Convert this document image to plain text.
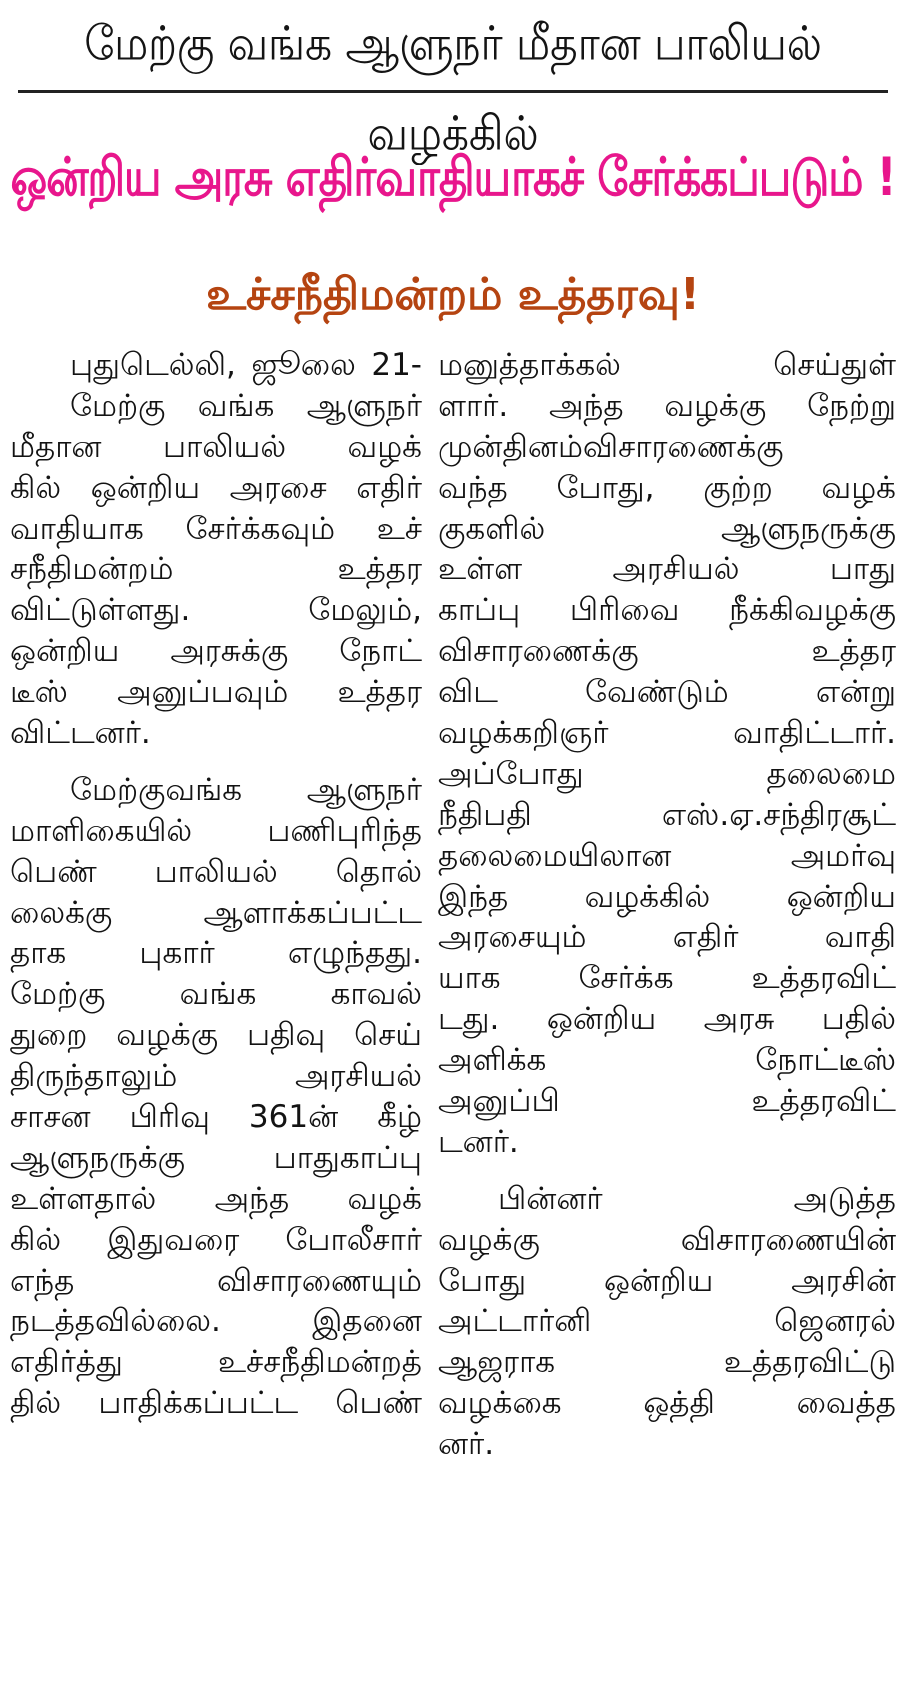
மேற்கு வங்க ஆளுநர் மீதான பாலியல் வழக்கில்
ஒன்றிய அரசு எதிர்வாதியாகச் சேர்க்கப்படும் !
உச்சநீதிமன்றம் உத்தரவு!
புதுடெல்லி, ஜூலை 21-
மேற்கு வங்க ஆளுநர்
மீதான பாலியல் வழக்
கில் ஒன்றிய அரசை எதிர்
வாதியாக சேர்க்கவும் உச்
சநீதிமன்றம் உத்தர
விட்டுள்ளது. மேலும்,
ஒன்றிய அரசுக்கு நோட்
டீஸ் அனுப்பவும் உத்தர
விட்டனர்.
மேற்குவங்க ஆளுநர்
மாளிகையில் பணிபுரிந்த
பெண் பாலியல் தொல்
லைக்கு ஆளாக்கப்பட்ட
தாக புகார் எழுந்தது.
மேற்கு வங்க காவல்
துறை வழக்கு பதிவு செய்
திருந்தாலும் அரசியல்
சாசன பிரிவு 361ன் கீழ்
ஆளுநருக்கு பாதுகாப்பு
உள்ளதால் அந்த வழக்
கில் இதுவரை போலீசார்
எந்த விசாரணையும்
நடத்தவில்லை. இதனை
எதிர்த்து உச்சநீதிமன்றத்
தில் பாதிக்கப்பட்ட பெண்
மனுத்தாக்கல் செய்துள்
ளார். அந்த வழக்கு நேற்று
முன்தினம்விசாரணைக்கு
வந்த போது, குற்ற வழக்
குகளில் ஆளுநருக்கு
உள்ள அரசியல் பாது
காப்பு பிரிவை நீக்கிவழக்கு
விசாரணைக்கு உத்தர
விட வேண்டும் என்று
வழக்கறிஞர் வாதிட்டார்.
அப்போது தலைமை
நீதிபதி எஸ்.ஏ.சந்திரசூட்
தலைமையிலான அமர்வு
இந்த வழக்கில் ஒன்றிய
அரசையும் எதிர் வாதி
யாக சேர்க்க உத்தரவிட்
டது. ஒன்றிய அரசு பதில்
அளிக்க நோட்டீஸ்
அனுப்பி உத்தரவிட்
டனர்.
பின்னர் அடுத்த
வழக்கு விசாரணையின்
போது ஒன்றிய அரசின்
அட்டார்னி ஜெனரல்
ஆஜராக உத்தரவிட்டு
வழக்கை ஒத்தி வைத்த
னர்.
